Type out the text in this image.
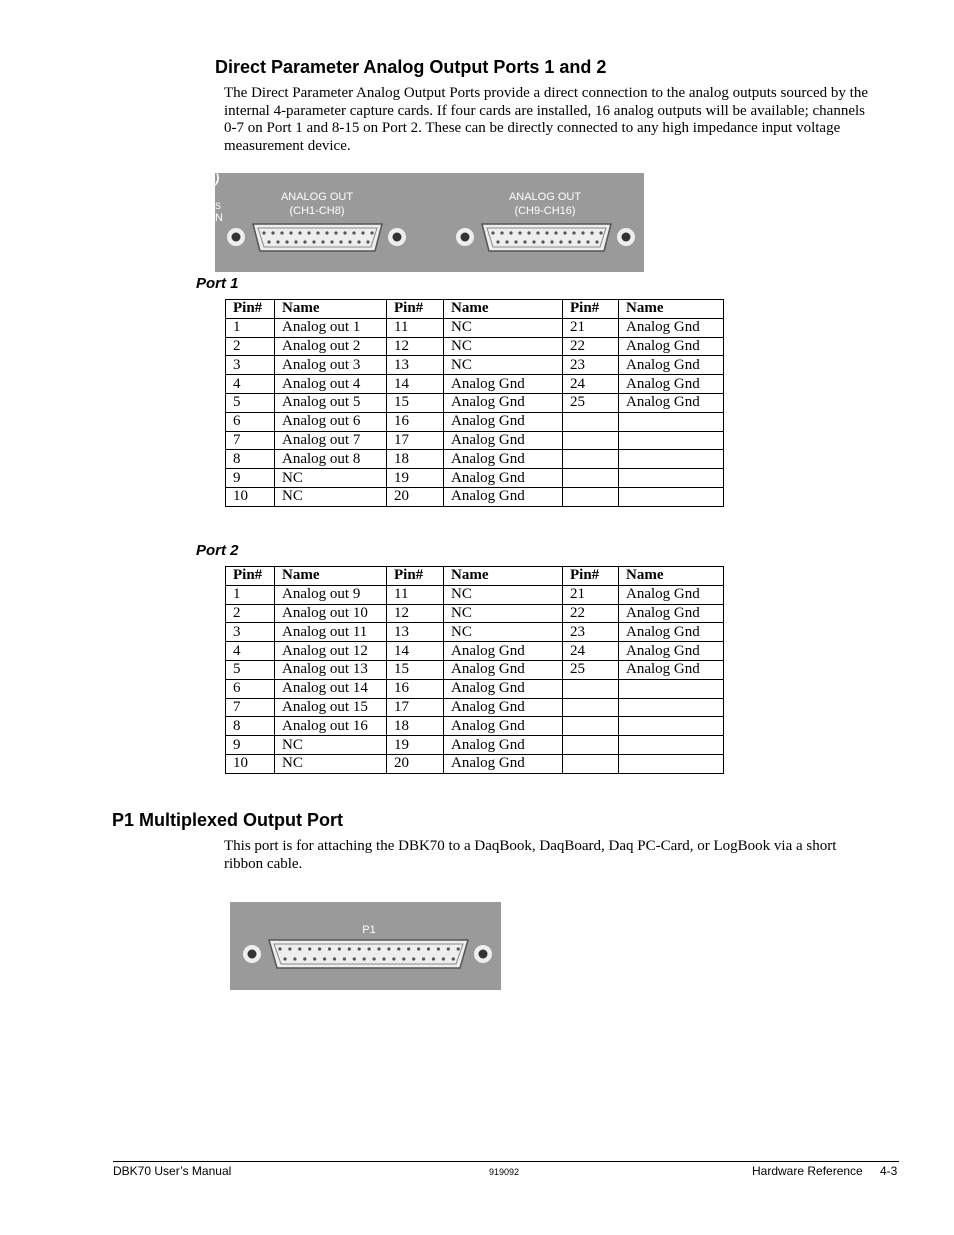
Direct Parameter Analog Output Ports 1 and 2
The Direct Parameter Analog Output Ports provide a direct connection to the analog outputs sourced by the
internal 4-parameter capture cards. If four cards are installed, 16 analog outputs will be available; channels
0-7 on Port 1 and 8-15 on Port 2. These can be directly connected to any high impedance input voltage
measurement device.
)
S
N
ANALOG OUT
(CH1-CH8)
ANALOG OUT
(CH9-CH16)
Port 1
Pin#	Name	Pin#	Name	Pin#	Name
1	Analog out 1	11	NC	21	Analog Gnd
2	Analog out 2	12	NC	22	Analog Gnd
3	Analog out 3	13	NC	23	Analog Gnd
4	Analog out 4	14	Analog Gnd	24	Analog Gnd
5	Analog out 5	15	Analog Gnd	25	Analog Gnd
6	Analog out 6	16	Analog Gnd		
7	Analog out 7	17	Analog Gnd		
8	Analog out 8	18	Analog Gnd		
9	NC	19	Analog Gnd		
10	NC	20	Analog Gnd		
Port 2
Pin#	Name	Pin#	Name	Pin#	Name
1	Analog out 9	11	NC	21	Analog Gnd
2	Analog out 10	12	NC	22	Analog Gnd
3	Analog out 11	13	NC	23	Analog Gnd
4	Analog out 12	14	Analog Gnd	24	Analog Gnd
5	Analog out 13	15	Analog Gnd	25	Analog Gnd
6	Analog out 14	16	Analog Gnd		
7	Analog out 15	17	Analog Gnd		
8	Analog out 16	18	Analog Gnd		
9	NC	19	Analog Gnd		
10	NC	20	Analog Gnd		
P1 Multiplexed Output Port
This port is for attaching the DBK70 to a DaqBook, DaqBoard, Daq PC-Card, or LogBook via a short
ribbon cable.
P1
DBK70 User’s Manual	919092	Hardware Reference 4-3
